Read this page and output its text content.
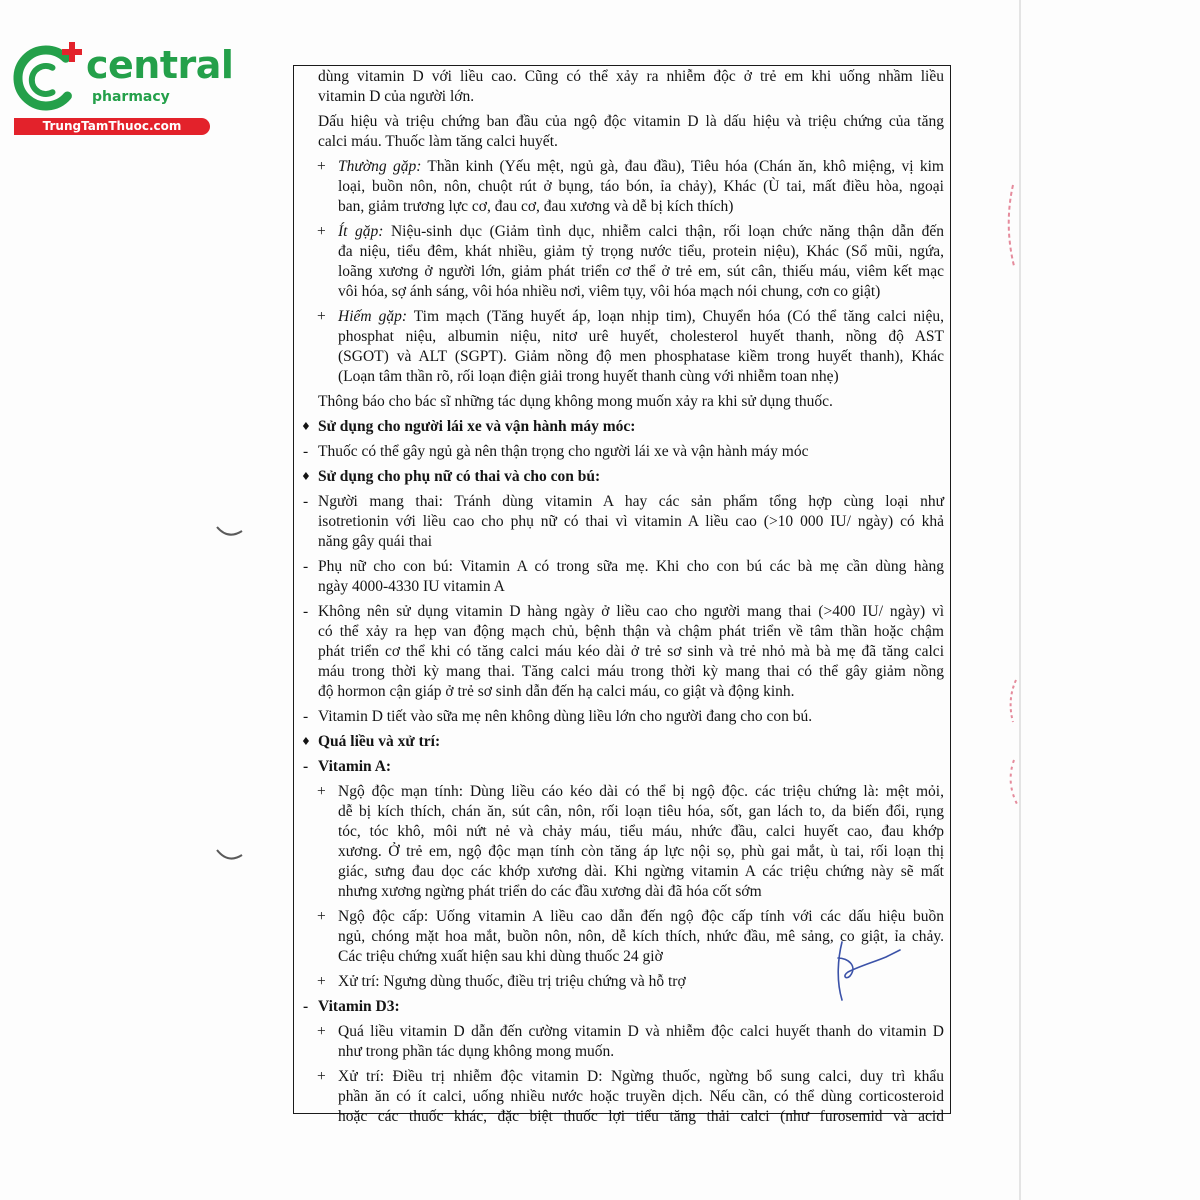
central
pharmacy
TrungTamThuoc.com
dùng vitamin D với liều cao. Cũng có thể xảy ra nhiễm độc ở trẻ em khi uống nhầm liều
vitamin D của người lớn.
Dấu hiệu và triệu chứng ban đầu của ngộ độc vitamin D là dấu hiệu và triệu chứng của tăng
calci máu. Thuốc làm tăng calci huyết.
+ Thường gặp: Thần kinh (Yếu mệt, ngủ gà, đau đầu), Tiêu hóa (Chán ăn, khô miệng, vị kim
loại, buồn nôn, nôn, chuột rút ở bụng, táo bón, ỉa chảy), Khác (Ù tai, mất điều hòa, ngoại
ban, giảm trương lực cơ, đau cơ, đau xương và dễ bị kích thích)
+ Ít gặp: Niệu-sinh dục (Giảm tình dục, nhiễm calci thận, rối loạn chức năng thận dẫn đến
đa niệu, tiểu đêm, khát nhiều, giảm tỷ trọng nước tiểu, protein niệu), Khác (Sổ mũi, ngứa,
loãng xương ở người lớn, giảm phát triển cơ thể ở trẻ em, sút cân, thiếu máu, viêm kết mạc
vôi hóa, sợ ánh sáng, vôi hóa nhiều nơi, viêm tụy, vôi hóa mạch nói chung, cơn co giật)
+ Hiếm gặp: Tim mạch (Tăng huyết áp, loạn nhịp tim), Chuyển hóa (Có thể tăng calci niệu,
phosphat niệu, albumin niệu, nitơ urê huyết, cholesterol huyết thanh, nồng độ AST
(SGOT) và ALT (SGPT). Giảm nồng độ men phosphatase kiềm trong huyết thanh), Khác
(Loạn tâm thần rõ, rối loạn điện giải trong huyết thanh cùng với nhiễm toan nhẹ)
Thông báo cho bác sĩ những tác dụng không mong muốn xảy ra khi sử dụng thuốc.
♦ Sử dụng cho người lái xe và vận hành máy móc:
- Thuốc có thể gây ngủ gà nên thận trọng cho người lái xe và vận hành máy móc
♦ Sử dụng cho phụ nữ có thai và cho con bú:
- Người mang thai: Tránh dùng vitamin A hay các sản phẩm tổng hợp cùng loại như
isotretionin với liều cao cho phụ nữ có thai vì vitamin A liều cao (>10 000 IU/ ngày) có khả
năng gây quái thai
- Phụ nữ cho con bú: Vitamin A có trong sữa mẹ. Khi cho con bú các bà mẹ cần dùng hàng
ngày 4000-4330 IU vitamin A
- Không nên sử dụng vitamin D hàng ngày ở liều cao cho người mang thai (>400 IU/ ngày) vì
có thể xảy ra hẹp van động mạch chủ, bệnh thận và chậm phát triển về tâm thần hoặc chậm
phát triển cơ thể khi có tăng calci máu kéo dài ở trẻ sơ sinh và trẻ nhỏ mà bà mẹ đã tăng calci
máu trong thời kỳ mang thai. Tăng calci máu trong thời kỳ mang thai có thể gây giảm nồng
độ hormon cận giáp ở trẻ sơ sinh dẫn đến hạ calci máu, co giật và động kinh.
- Vitamin D tiết vào sữa mẹ nên không dùng liều lớn cho người đang cho con bú.
♦ Quá liều và xử trí:
- Vitamin A:
+ Ngộ độc mạn tính: Dùng liều cáo kéo dài có thể bị ngộ độc. các triệu chứng là: mệt mỏi,
dễ bị kích thích, chán ăn, sút cân, nôn, rối loạn tiêu hóa, sốt, gan lách to, da biến đổi, rụng
tóc, tóc khô, môi nứt nẻ và chảy máu, tiểu máu, nhức đầu, calci huyết cao, đau khớp
xương. Ở trẻ em, ngộ độc mạn tính còn tăng áp lực nội sọ, phù gai mắt, ù tai, rối loạn thị
giác, sưng đau dọc các khớp xương dài. Khi ngừng vitamin A các triệu chứng này sẽ mất
nhưng xương ngừng phát triển do các đầu xương dài đã hóa cốt sớm
+ Ngộ độc cấp: Uống vitamin A liều cao dẫn đến ngộ độc cấp tính với các dấu hiệu buồn
ngủ, chóng mặt hoa mắt, buồn nôn, nôn, dễ kích thích, nhức đầu, mê sảng, co giật, ỉa chảy.
Các triệu chứng xuất hiện sau khi dùng thuốc 24 giờ
+ Xử trí: Ngưng dùng thuốc, điều trị triệu chứng và hỗ trợ
- Vitamin D3:
+ Quá liều vitamin D dẫn đến cường vitamin D và nhiễm độc calci huyết thanh do vitamin D
như trong phần tác dụng không mong muốn.
+ Xử trí: Điều trị nhiễm độc vitamin D: Ngừng thuốc, ngừng bổ sung calci, duy trì khẩu
phần ăn có ít calci, uống nhiều nước hoặc truyền dịch. Nếu cần, có thể dùng corticosteroid
hoặc các thuốc khác, đặc biệt thuốc lợi tiểu tăng thải calci (như furosemid và acid
